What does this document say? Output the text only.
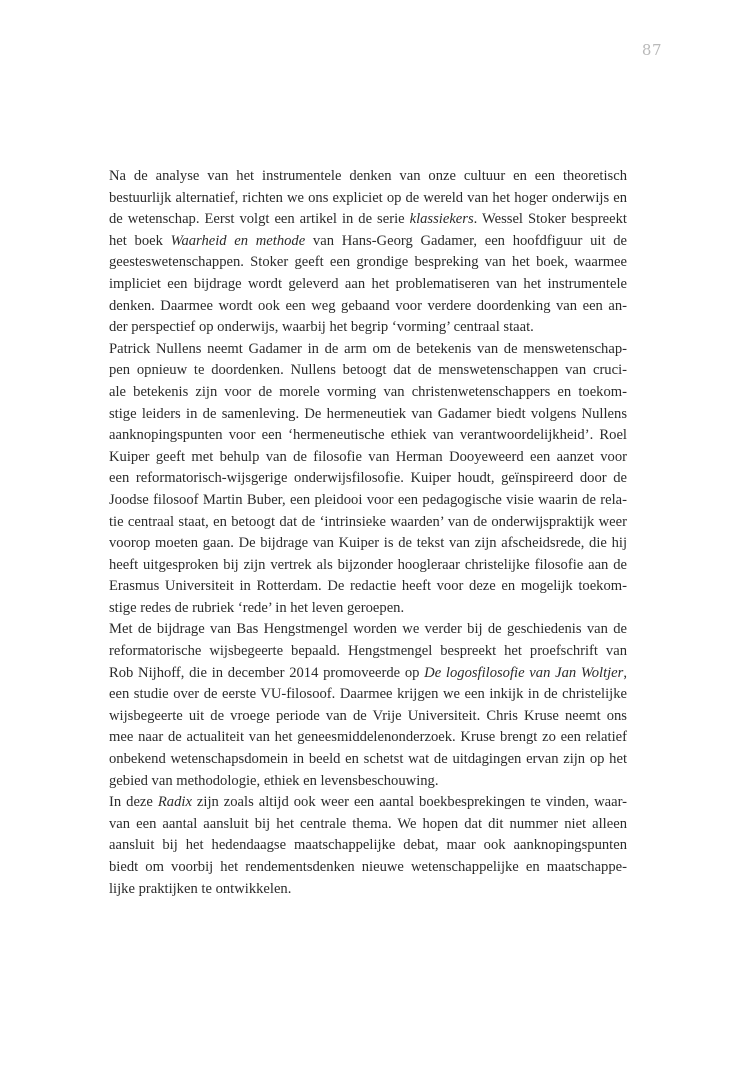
87
Na de analyse van het instrumentele denken van onze cultuur en een theoretisch
bestuurlijk alternatief, richten we ons expliciet op de wereld van het hoger onderwijs en
de wetenschap. Eerst volgt een artikel in de serie klassiekers. Wessel Stoker bespreekt
het boek Waarheid en methode van Hans-Georg Gadamer, een hoofdfiguur uit de
geesteswetenschappen. Stoker geeft een grondige bespreking van het boek, waarmee
impliciet een bijdrage wordt geleverd aan het problematiseren van het instrumentele
denken. Daarmee wordt ook een weg gebaand voor verdere doordenking van een an-
der perspectief op onderwijs, waarbij het begrip ‘vorming’ centraal staat.
Patrick Nullens neemt Gadamer in de arm om de betekenis van de menswetenschap-
pen opnieuw te doordenken. Nullens betoogt dat de menswetenschappen van cruci-
ale betekenis zijn voor de morele vorming van christenwetenschappers en toekom-
stige leiders in de samenleving. De hermeneutiek van Gadamer biedt volgens Nullens
aanknopingspunten voor een ‘hermeneutische ethiek van verantwoordelijkheid’. Roel
Kuiper geeft met behulp van de filosofie van Herman Dooyeweerd een aanzet voor
een reformatorisch-wijsgerige onderwijsfilosofie. Kuiper houdt, geïnspireerd door de
Joodse filosoof Martin Buber, een pleidooi voor een pedagogische visie waarin de rela-
tie centraal staat, en betoogt dat de ‘intrinsieke waarden’ van de onderwijspraktijk weer
voorop moeten gaan. De bijdrage van Kuiper is de tekst van zijn afscheidsrede, die hij
heeft uitgesproken bij zijn vertrek als bijzonder hoogleraar christelijke filosofie aan de
Erasmus Universiteit in Rotterdam. De redactie heeft voor deze en mogelijk toekom-
stige redes de rubriek ‘rede’ in het leven geroepen.
Met de bijdrage van Bas Hengstmengel worden we verder bij de geschiedenis van de
reformatorische wijsbegeerte bepaald. Hengstmengel bespreekt het proefschrift van
Rob Nijhoff, die in december 2014 promoveerde op De logosfilosofie van Jan Woltjer,
een studie over de eerste VU-filosoof. Daarmee krijgen we een inkijk in de christelijke
wijsbegeerte uit de vroege periode van de Vrije Universiteit. Chris Kruse neemt ons
mee naar de actualiteit van het geneesmiddelenonderzoek. Kruse brengt zo een relatief
onbekend wetenschapsdomein in beeld en schetst wat de uitdagingen ervan zijn op het
gebied van methodologie, ethiek en levensbeschouwing.
In deze Radix zijn zoals altijd ook weer een aantal boekbesprekingen te vinden, waar-
van een aantal aansluit bij het centrale thema. We hopen dat dit nummer niet alleen
aansluit bij het hedendaagse maatschappelijke debat, maar ook aanknopingspunten
biedt om voorbij het rendementsdenken nieuwe wetenschappelijke en maatschappe-
lijke praktijken te ontwikkelen.
